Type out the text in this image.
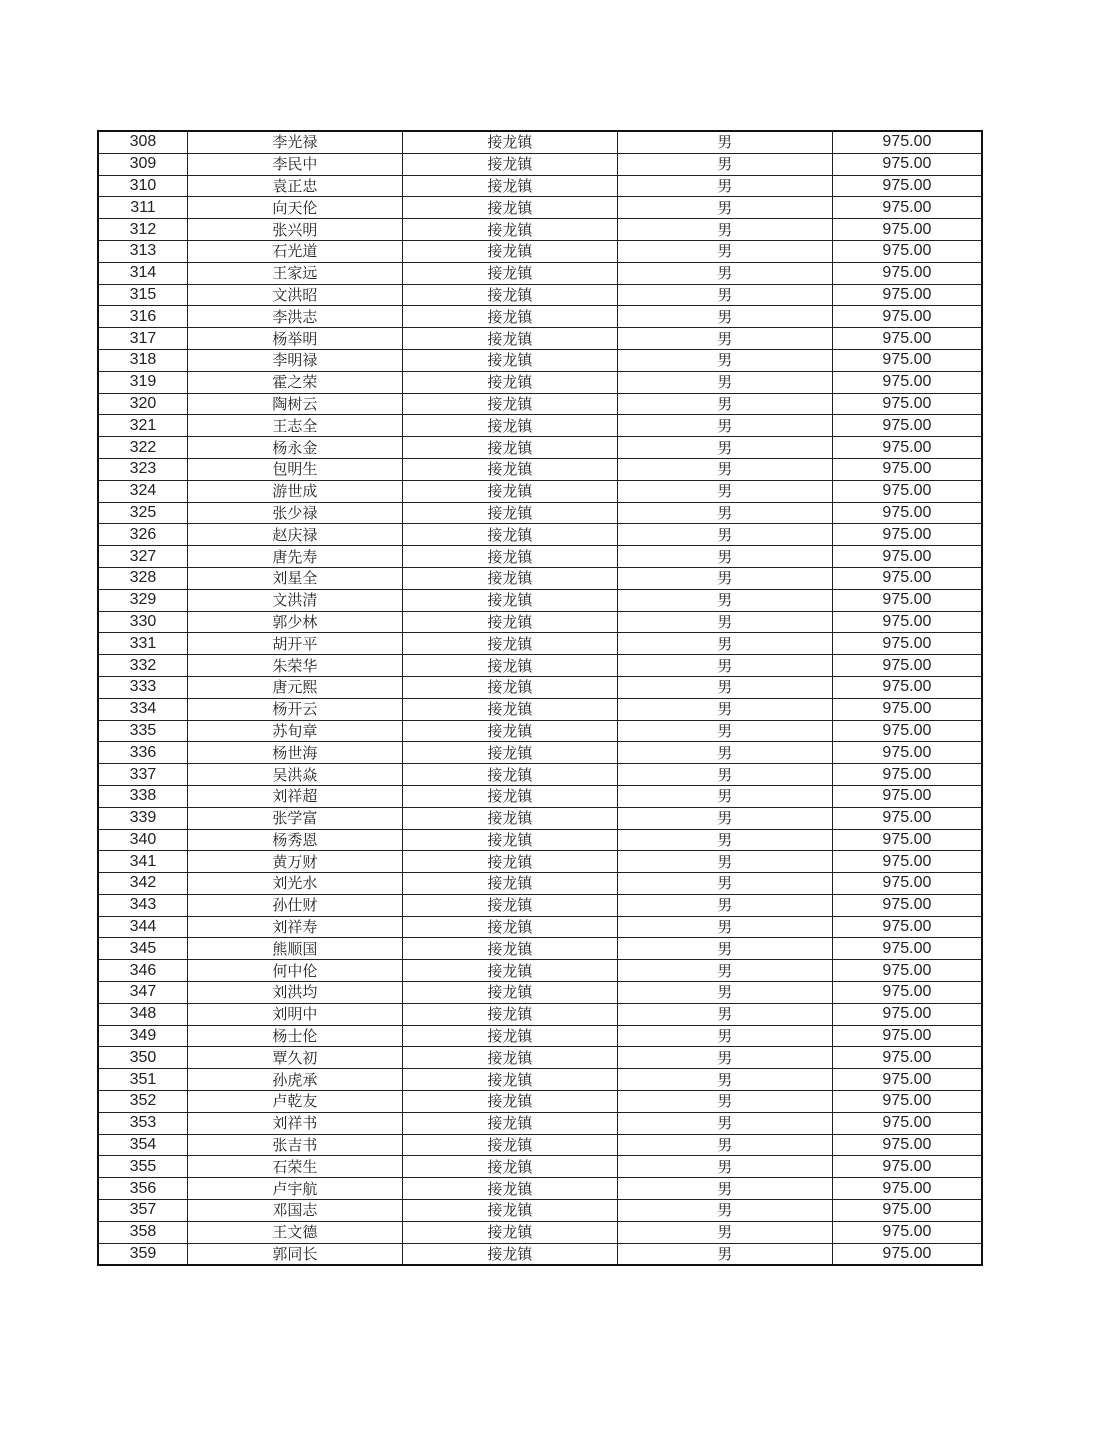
308	李光禄	接龙镇	男	975.00
309	李民中	接龙镇	男	975.00
310	袁正忠	接龙镇	男	975.00
311	向天伦	接龙镇	男	975.00
312	张兴明	接龙镇	男	975.00
313	石光道	接龙镇	男	975.00
314	王家远	接龙镇	男	975.00
315	文洪昭	接龙镇	男	975.00
316	李洪志	接龙镇	男	975.00
317	杨举明	接龙镇	男	975.00
318	李明禄	接龙镇	男	975.00
319	霍之荣	接龙镇	男	975.00
320	陶树云	接龙镇	男	975.00
321	王志全	接龙镇	男	975.00
322	杨永金	接龙镇	男	975.00
323	包明生	接龙镇	男	975.00
324	游世成	接龙镇	男	975.00
325	张少禄	接龙镇	男	975.00
326	赵庆禄	接龙镇	男	975.00
327	唐先寿	接龙镇	男	975.00
328	刘星全	接龙镇	男	975.00
329	文洪清	接龙镇	男	975.00
330	郭少林	接龙镇	男	975.00
331	胡开平	接龙镇	男	975.00
332	朱荣华	接龙镇	男	975.00
333	唐元熙	接龙镇	男	975.00
334	杨开云	接龙镇	男	975.00
335	苏旬章	接龙镇	男	975.00
336	杨世海	接龙镇	男	975.00
337	吴洪焱	接龙镇	男	975.00
338	刘祥超	接龙镇	男	975.00
339	张学富	接龙镇	男	975.00
340	杨秀恩	接龙镇	男	975.00
341	黄万财	接龙镇	男	975.00
342	刘光水	接龙镇	男	975.00
343	孙仕财	接龙镇	男	975.00
344	刘祥寿	接龙镇	男	975.00
345	熊顺国	接龙镇	男	975.00
346	何中伦	接龙镇	男	975.00
347	刘洪均	接龙镇	男	975.00
348	刘明中	接龙镇	男	975.00
349	杨士伦	接龙镇	男	975.00
350	覃久初	接龙镇	男	975.00
351	孙虎承	接龙镇	男	975.00
352	卢乾友	接龙镇	男	975.00
353	刘祥书	接龙镇	男	975.00
354	张吉书	接龙镇	男	975.00
355	石荣生	接龙镇	男	975.00
356	卢宇航	接龙镇	男	975.00
357	邓国志	接龙镇	男	975.00
358	王文德	接龙镇	男	975.00
359	郭同长	接龙镇	男	975.00
